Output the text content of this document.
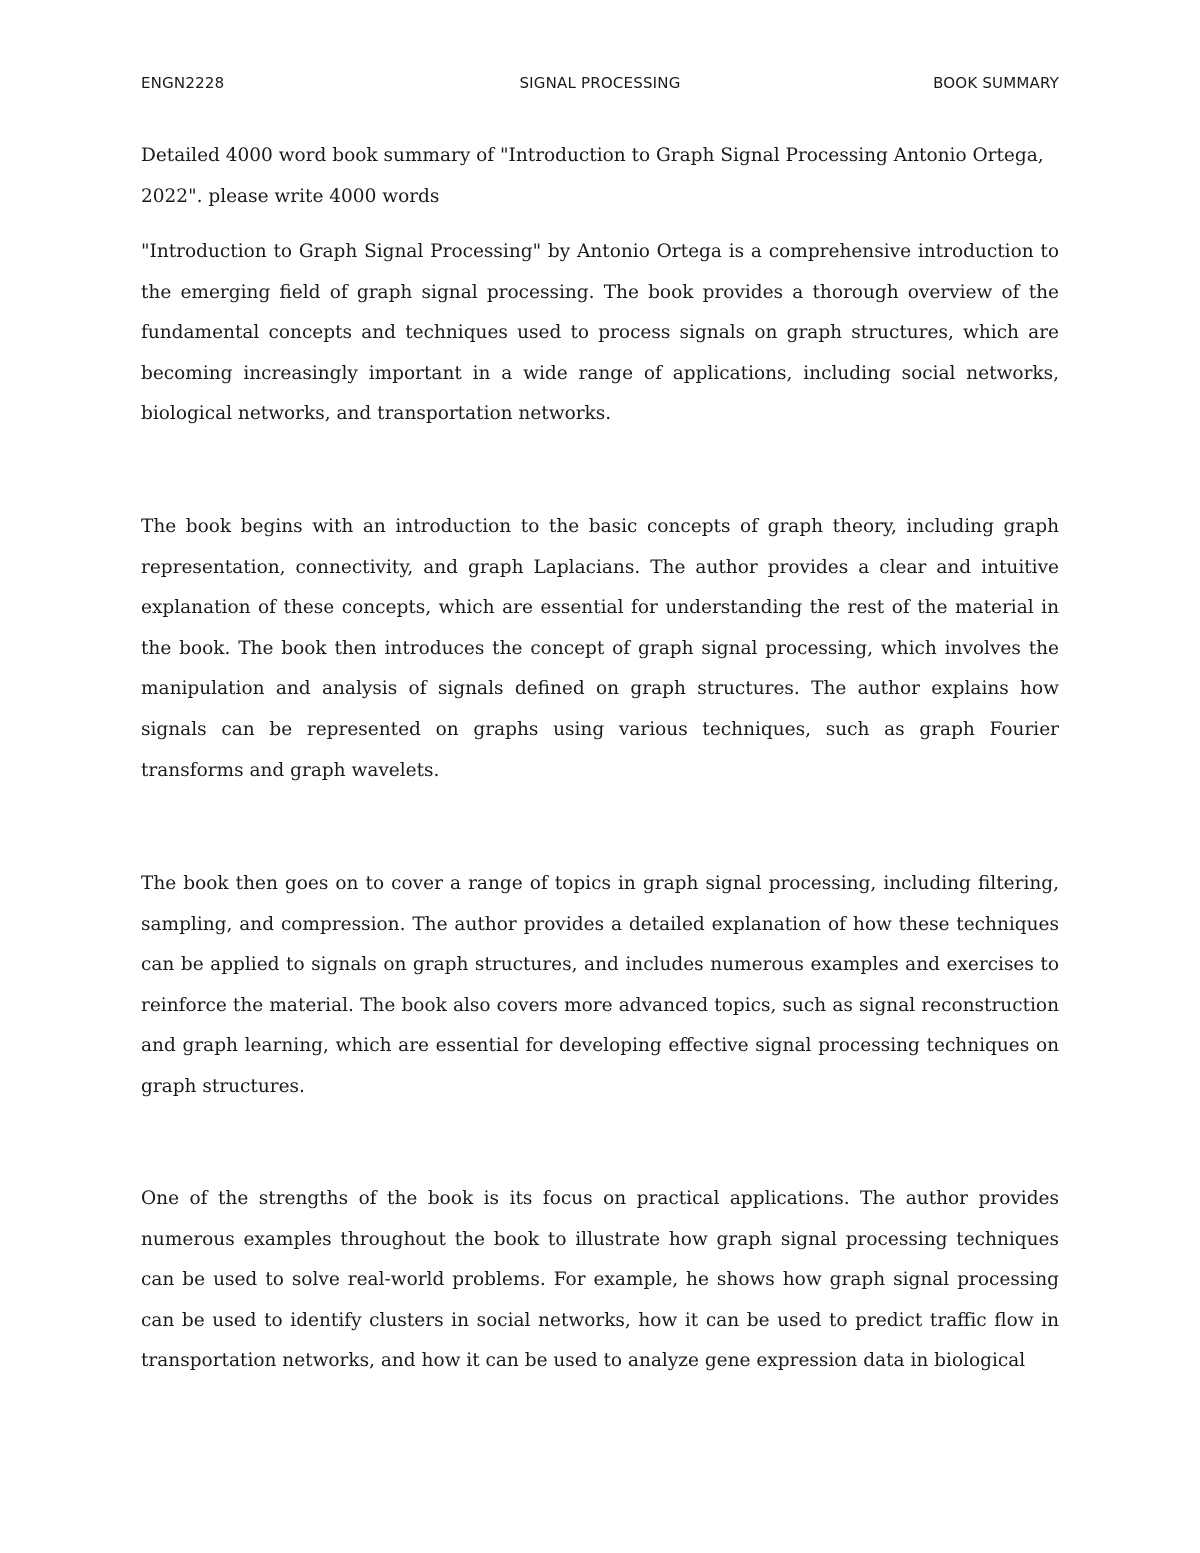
ENGN2228	SIGNAL PROCESSING	BOOK SUMMARY

Detailed 4000 word book summary of "Introduction to Graph Signal Processing Antonio Ortega, 2022". please write 4000 words

"Introduction to Graph Signal Processing" by Antonio Ortega is a comprehensive introduction to the emerging field of graph signal processing. The book provides a thorough overview of the fundamental concepts and techniques used to process signals on graph structures, which are becoming increasingly important in a wide range of applications, including social networks, biological networks, and transportation networks.

The book begins with an introduction to the basic concepts of graph theory, including graph representation, connectivity, and graph Laplacians. The author provides a clear and intuitive explanation of these concepts, which are essential for understanding the rest of the material in the book. The book then introduces the concept of graph signal processing, which involves the manipulation and analysis of signals defined on graph structures. The author explains how signals can be represented on graphs using various techniques, such as graph Fourier transforms and graph wavelets.

The book then goes on to cover a range of topics in graph signal processing, including filtering, sampling, and compression. The author provides a detailed explanation of how these techniques can be applied to signals on graph structures, and includes numerous examples and exercises to reinforce the material. The book also covers more advanced topics, such as signal reconstruction and graph learning, which are essential for developing effective signal processing techniques on graph structures.

One of the strengths of the book is its focus on practical applications. The author provides numerous examples throughout the book to illustrate how graph signal processing techniques can be used to solve real-world problems. For example, he shows how graph signal processing can be used to identify clusters in social networks, how it can be used to predict traffic flow in transportation networks, and how it can be used to analyze gene expression data in biological
